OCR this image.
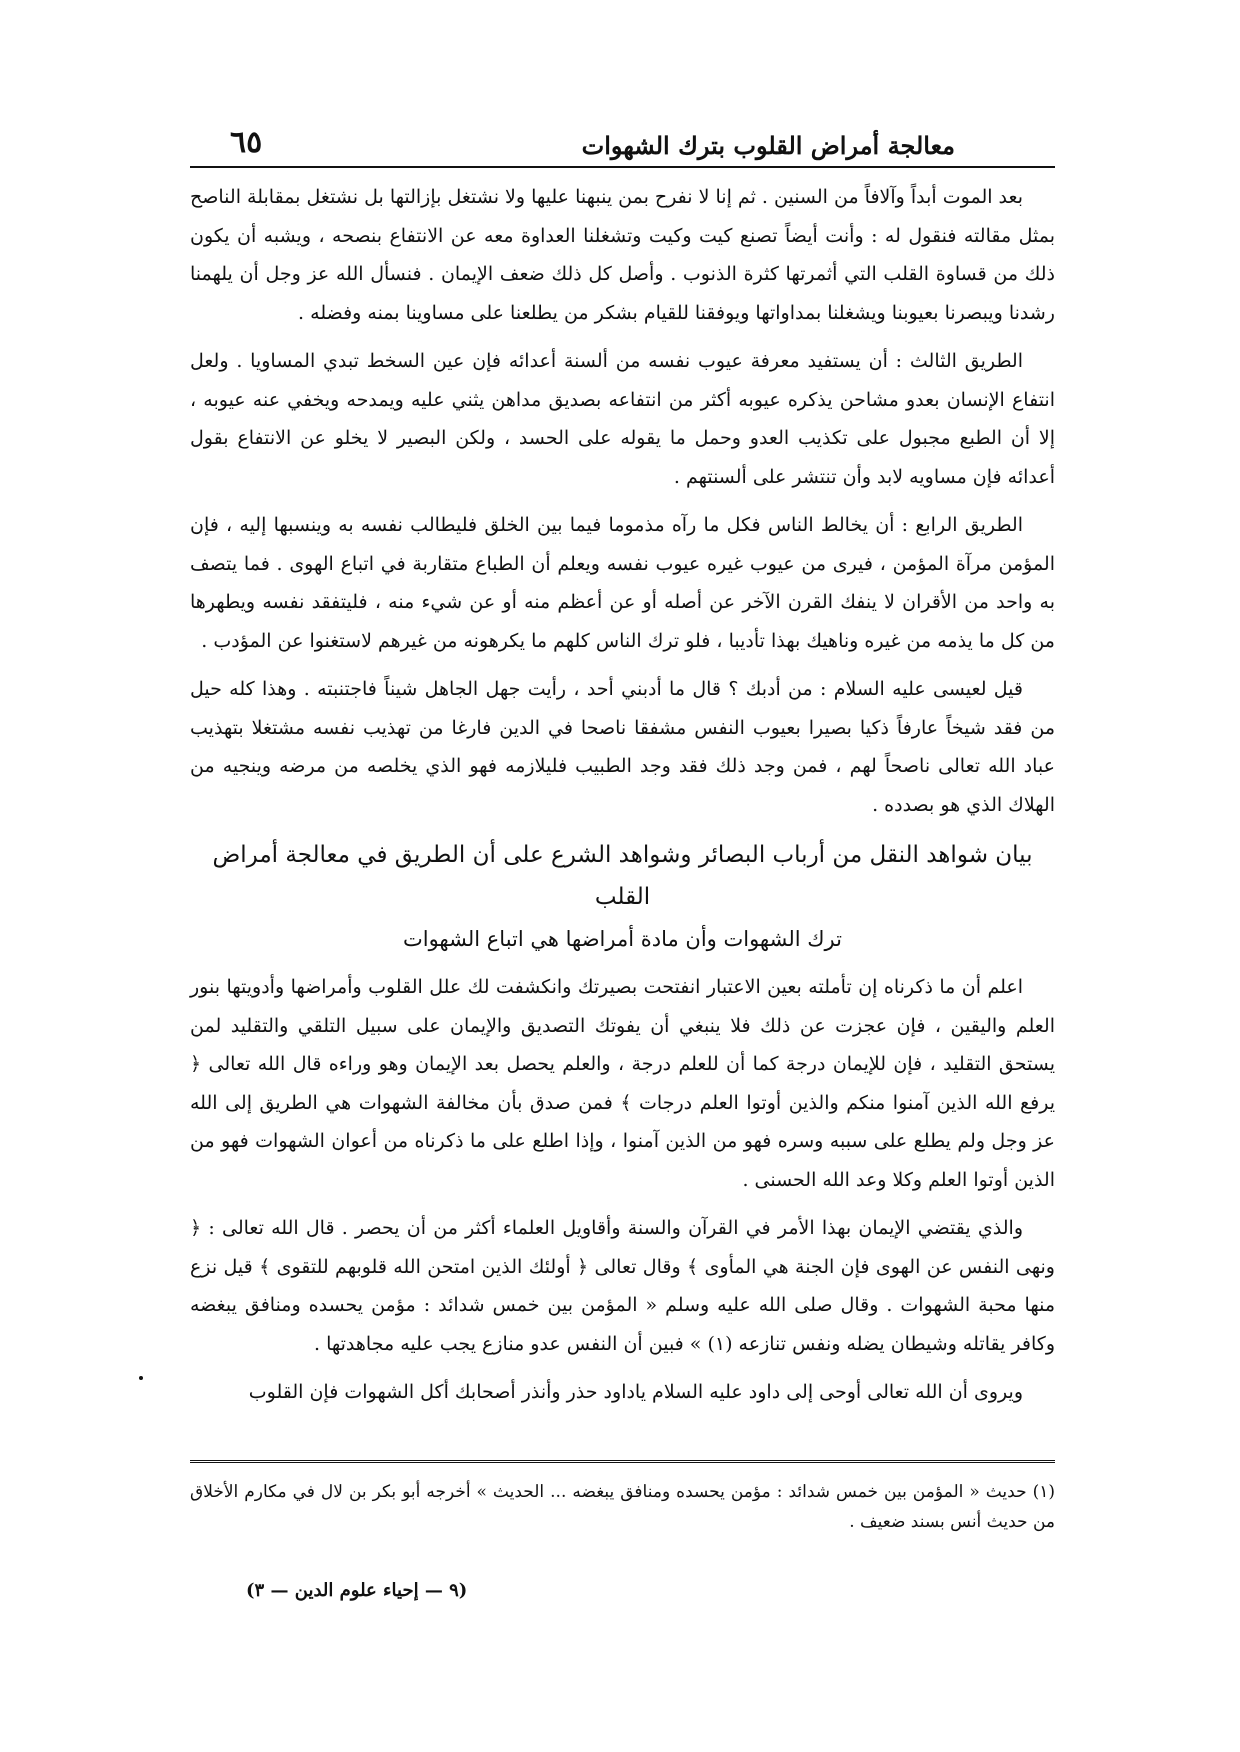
معالجة أمراض القلوب بترك الشهوات
٦٥

بعد الموت أبداً وآلافاً من السنين . ثم إنا لا نفرح بمن ينبهنا عليها ولا نشتغل بإزالتها بل نشتغل بمقابلة الناصح بمثل مقالته فنقول له : وأنت أيضاً تصنع كيت وكيت وتشغلنا العداوة معه عن الانتفاع بنصحه ، ويشبه أن يكون ذلك من قساوة القلب التي أثمرتها كثرة الذنوب . وأصل كل ذلك ضعف الإيمان . فنسأل الله عز وجل أن يلهمنا رشدنا ويبصرنا بعيوبنا ويشغلنا بمداواتها ويوفقنا للقيام بشكر من يطلعنا على مساوينا بمنه وفضله .

الطريق الثالث : أن يستفيد معرفة عيوب نفسه من ألسنة أعدائه فإن عين السخط تبدي المساويا . ولعل انتفاع الإنسان بعدو مشاحن يذكره عيوبه أكثر من انتفاعه بصديق مداهن يثني عليه ويمدحه ويخفي عنه عيوبه ، إلا أن الطبع مجبول على تكذيب العدو وحمل ما يقوله على الحسد ، ولكن البصير لا يخلو عن الانتفاع بقول أعدائه فإن مساويه لابد وأن تنتشر على ألسنتهم .

الطريق الرابع : أن يخالط الناس فكل ما رآه مذموما فيما بين الخلق فليطالب نفسه به وينسبها إليه ، فإن المؤمن مرآة المؤمن ، فيرى من عيوب غيره عيوب نفسه ويعلم أن الطباع متقاربة في اتباع الهوى . فما يتصف به واحد من الأقران لا ينفك القرن الآخر عن أصله أو عن أعظم منه أو عن شيء منه ، فليتفقد نفسه ويطهرها من كل ما يذمه من غيره وناهيك بهذا تأديبا ، فلو ترك الناس كلهم ما يكرهونه من غيرهم لاستغنوا عن المؤدب .

قيل لعيسى عليه السلام : من أدبك ؟ قال ما أدبني أحد ، رأيت جهل الجاهل شيناً فاجتنبته . وهذا كله حيل من فقد شيخاً عارفاً ذكيا بصيرا بعيوب النفس مشفقا ناصحا في الدين فارغا من تهذيب نفسه مشتغلا بتهذيب عباد الله تعالى ناصحاً لهم ، فمن وجد ذلك فقد وجد الطبيب فليلازمه فهو الذي يخلصه من مرضه وينجيه من الهلاك الذي هو بصدده .

بيان شواهد النقل من أرباب البصائر وشواهد الشرع على أن الطريق في معالجة أمراض القلب
ترك الشهوات وأن مادة أمراضها هي اتباع الشهوات

اعلم أن ما ذكرناه إن تأملته بعين الاعتبار انفتحت بصيرتك وانكشفت لك علل القلوب وأمراضها وأدويتها بنور العلم واليقين ، فإن عجزت عن ذلك فلا ينبغي أن يفوتك التصديق والإيمان على سبيل التلقي والتقليد لمن يستحق التقليد ، فإن للإيمان درجة كما أن للعلم درجة ، والعلم يحصل بعد الإيمان وهو وراءه قال الله تعالى ﴿ يرفع الله الذين آمنوا منكم والذين أوتوا العلم درجات ﴾ فمن صدق بأن مخالفة الشهوات هي الطريق إلى الله عز وجل ولم يطلع على سببه وسره فهو من الذين آمنوا ، وإذا اطلع على ما ذكرناه من أعوان الشهوات فهو من الذين أوتوا العلم وكلا وعد الله الحسنى .

والذي يقتضي الإيمان بهذا الأمر في القرآن والسنة وأقاويل العلماء أكثر من أن يحصر . قال الله تعالى : ﴿ ونهى النفس عن الهوى فإن الجنة هي المأوى ﴾ وقال تعالى ﴿ أولئك الذين امتحن الله قلوبهم للتقوى ﴾ قيل نزع منها محبة الشهوات . وقال صلى الله عليه وسلم « المؤمن بين خمس شدائد : مؤمن يحسده ومنافق يبغضه وكافر يقاتله وشيطان يضله ونفس تنازعه (١) » فبين أن النفس عدو منازع يجب عليه مجاهدتها .

ويروى أن الله تعالى أوحى إلى داود عليه السلام ياداود حذر وأنذر أصحابك أكل الشهوات فإن القلوب

(١) حديث « المؤمن بين خمس شدائد : مؤمن يحسده ومنافق يبغضه ... الحديث » أخرجه أبو بكر بن لال في مكارم الأخلاق من حديث أنس بسند ضعيف .
(٩ — إحياء علوم الدين — ٣)
